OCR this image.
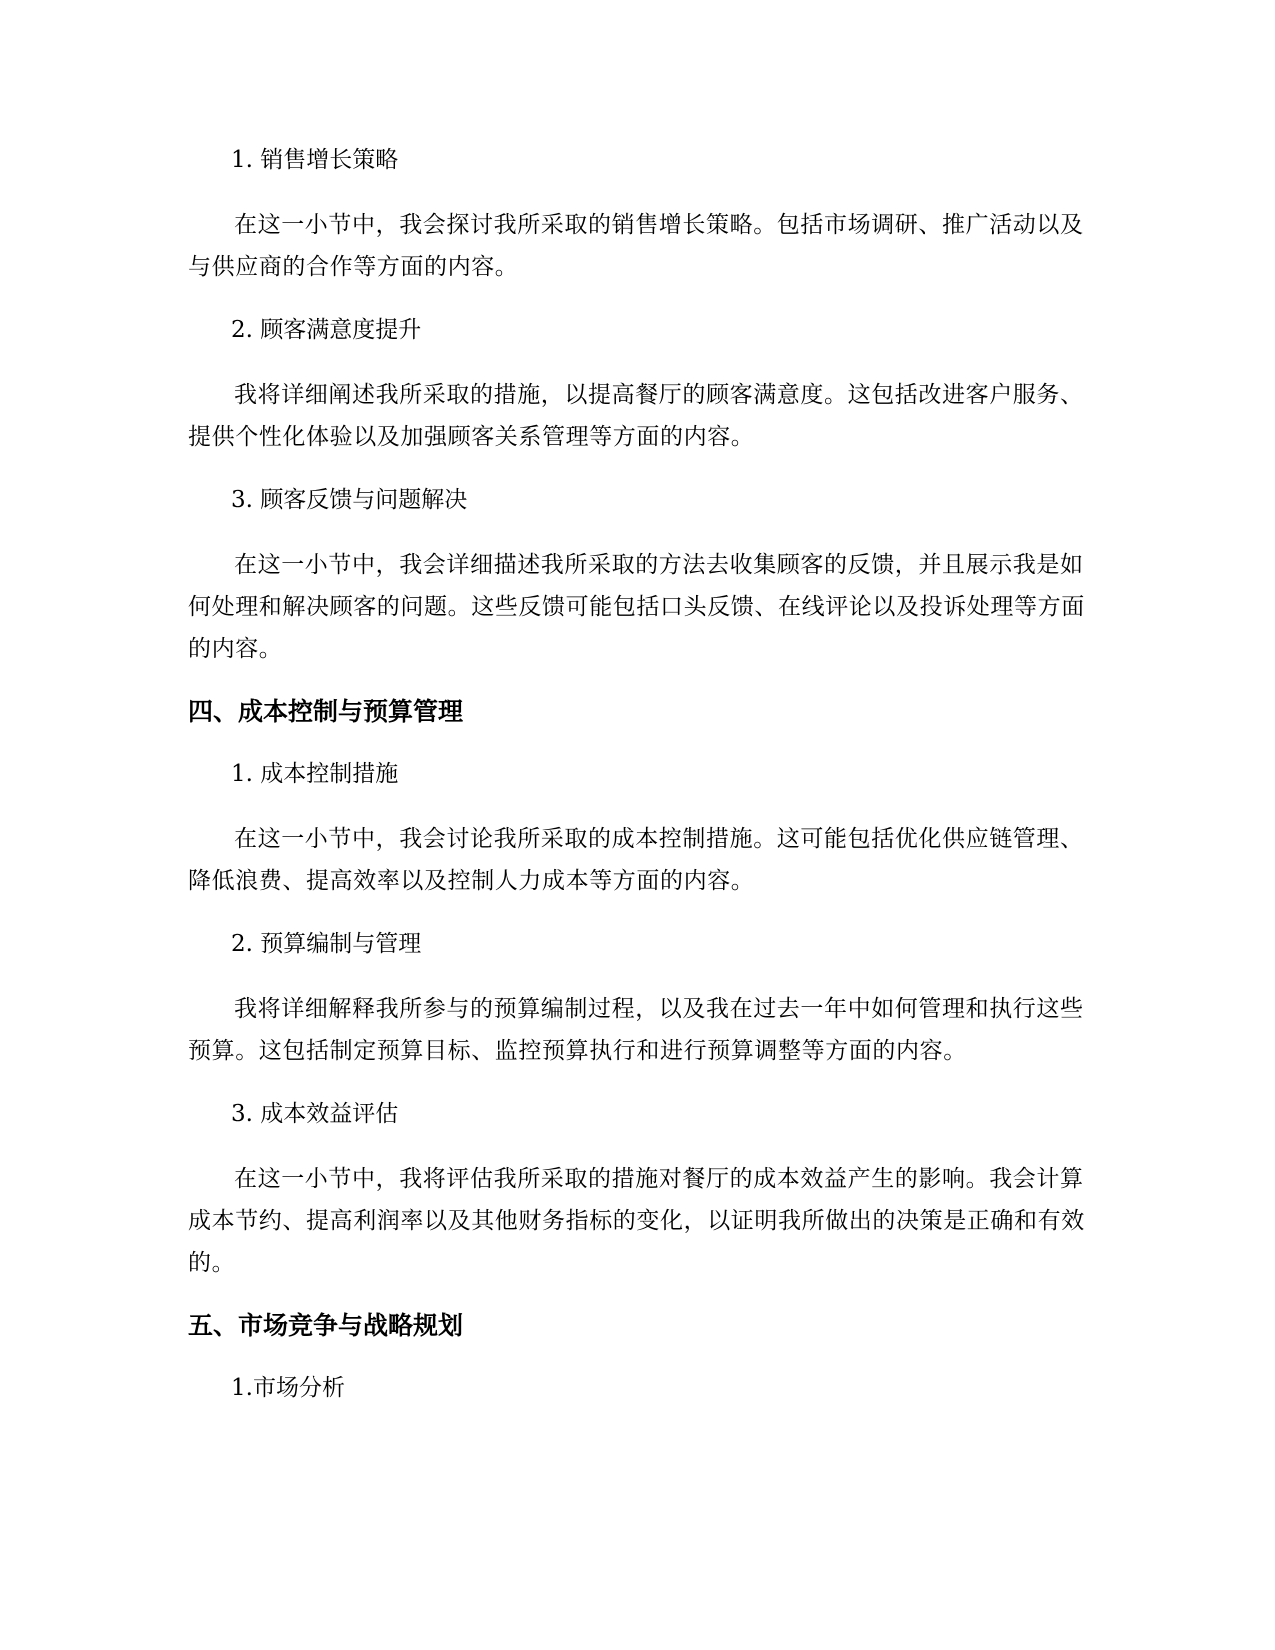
1. 销售增长策略
在这一小节中，我会探讨我所采取的销售增长策略。包括市场调研、推广活动以及与供应商的合作等方面的内容。
2. 顾客满意度提升
我将详细阐述我所采取的措施，以提高餐厅的顾客满意度。这包括改进客户服务、提供个性化体验以及加强顾客关系管理等方面的内容。
3. 顾客反馈与问题解决
在这一小节中，我会详细描述我所采取的方法去收集顾客的反馈，并且展示我是如何处理和解决顾客的问题。这些反馈可能包括口头反馈、在线评论以及投诉处理等方面的内容。
四、成本控制与预算管理
1. 成本控制措施
在这一小节中，我会讨论我所采取的成本控制措施。这可能包括优化供应链管理、降低浪费、提高效率以及控制人力成本等方面的内容。
2. 预算编制与管理
我将详细解释我所参与的预算编制过程，以及我在过去一年中如何管理和执行这些预算。这包括制定预算目标、监控预算执行和进行预算调整等方面的内容。
3. 成本效益评估
在这一小节中，我将评估我所采取的措施对餐厅的成本效益产生的影响。我会计算成本节约、提高利润率以及其他财务指标的变化，以证明我所做出的决策是正确和有效的。
五、市场竞争与战略规划
1.市场分析
